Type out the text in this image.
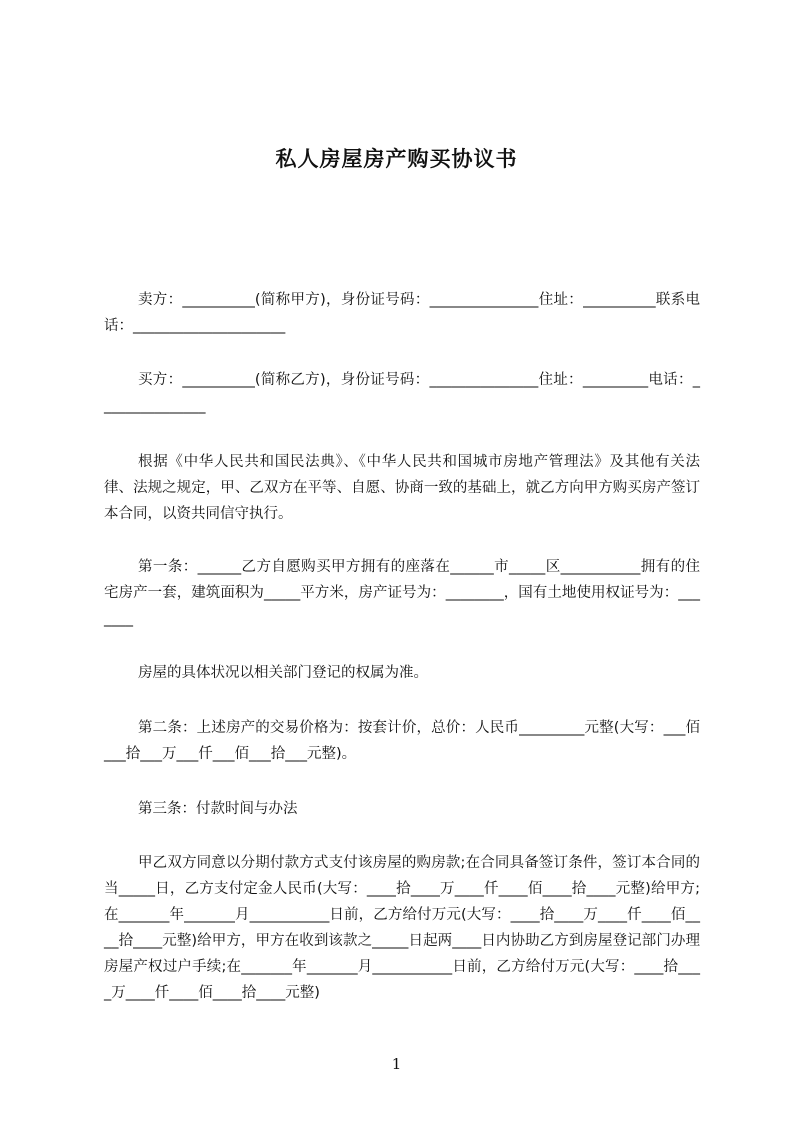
私人房屋房产购买协议书
卖方：__________(简称甲方)，身份证号码：_______________住址：__________联系电话：_____________________
买方：__________(简称乙方)，身份证号码：_______________住址：_________电话：_______________
根据《中华人民共和国民法典》、《中华人民共和国城市房地产管理法》及其他有关法律、法规之规定，甲、乙双方在平等、自愿、协商一致的基础上，就乙方向甲方购买房产签订本合同，以资共同信守执行。
第一条：______乙方自愿购买甲方拥有的座落在______市_____区___________拥有的住宅房产一套，建筑面积为_____平方米，房产证号为：________，国有土地使用权证号为：_______
房屋的具体状况以相关部门登记的权属为准。
第二条：上述房产的交易价格为：按套计价，总价：人民币_________元整(大写：___佰___拾___万___仟___佰___拾___元整)。
第三条：付款时间与办法
甲乙双方同意以分期付款方式支付该房屋的购房款;在合同具备签订条件，签订本合同的当_____日，乙方支付定金人民币(大写：____拾____万____仟____佰____拾____元整)给甲方;在_______年_______月___________日前，乙方给付万元(大写：____拾____万____仟____佰____拾____元整)给甲方，甲方在收到该款之_____日起两____日内协助乙方到房屋登记部门办理房屋产权过户手续;在_______年_______月___________日前，乙方给付万元(大写：____拾____万____仟____佰____拾____元整)
1
